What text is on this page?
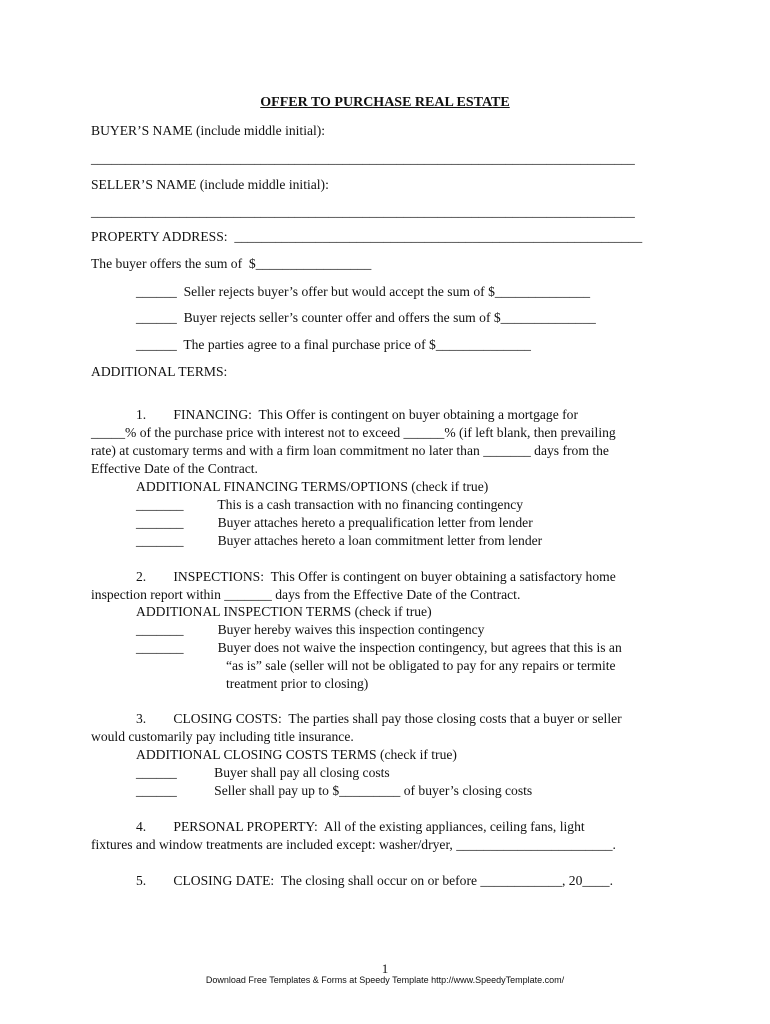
OFFER TO PURCHASE REAL ESTATE
BUYER’S NAME (include middle initial):
________________________________________________________________________________
SELLER’S NAME (include middle initial):
________________________________________________________________________________
PROPERTY ADDRESS:  ____________________________________________________________
The buyer offers the sum of  $_________________
______  Seller rejects buyer’s offer but would accept the sum of $______________
______  Buyer rejects seller’s counter offer and offers the sum of $______________
______  The parties agree to a final purchase price of $______________
ADDITIONAL TERMS:
1.        FINANCING:  This Offer is contingent on buyer obtaining a mortgage for
_____% of the purchase price with interest not to exceed ______% (if left blank, then prevailing
rate) at customary terms and with a firm loan commitment no later than _______ days from the
Effective Date of the Contract.
ADDITIONAL FINANCING TERMS/OPTIONS (check if true)
_______          This is a cash transaction with no financing contingency
_______          Buyer attaches hereto a prequalification letter from lender
_______          Buyer attaches hereto a loan commitment letter from lender
2.        INSPECTIONS:  This Offer is contingent on buyer obtaining a satisfactory home
inspection report within _______ days from the Effective Date of the Contract.
ADDITIONAL INSPECTION TERMS (check if true)
_______          Buyer hereby waives this inspection contingency
_______          Buyer does not waive the inspection contingency, but agrees that this is an
“as is” sale (seller will not be obligated to pay for any repairs or termite
treatment prior to closing)
3.        CLOSING COSTS:  The parties shall pay those closing costs that a buyer or seller
would customarily pay including title insurance.
ADDITIONAL CLOSING COSTS TERMS (check if true)
______           Buyer shall pay all closing costs
______           Seller shall pay up to $_________ of buyer’s closing costs
4.        PERSONAL PROPERTY:  All of the existing appliances, ceiling fans, light
fixtures and window treatments are included except: washer/dryer, _______________________.
5.        CLOSING DATE:  The closing shall occur on or before ____________, 20____.
1
Download Free Templates & Forms at Speedy Template http://www.SpeedyTemplate.com/
